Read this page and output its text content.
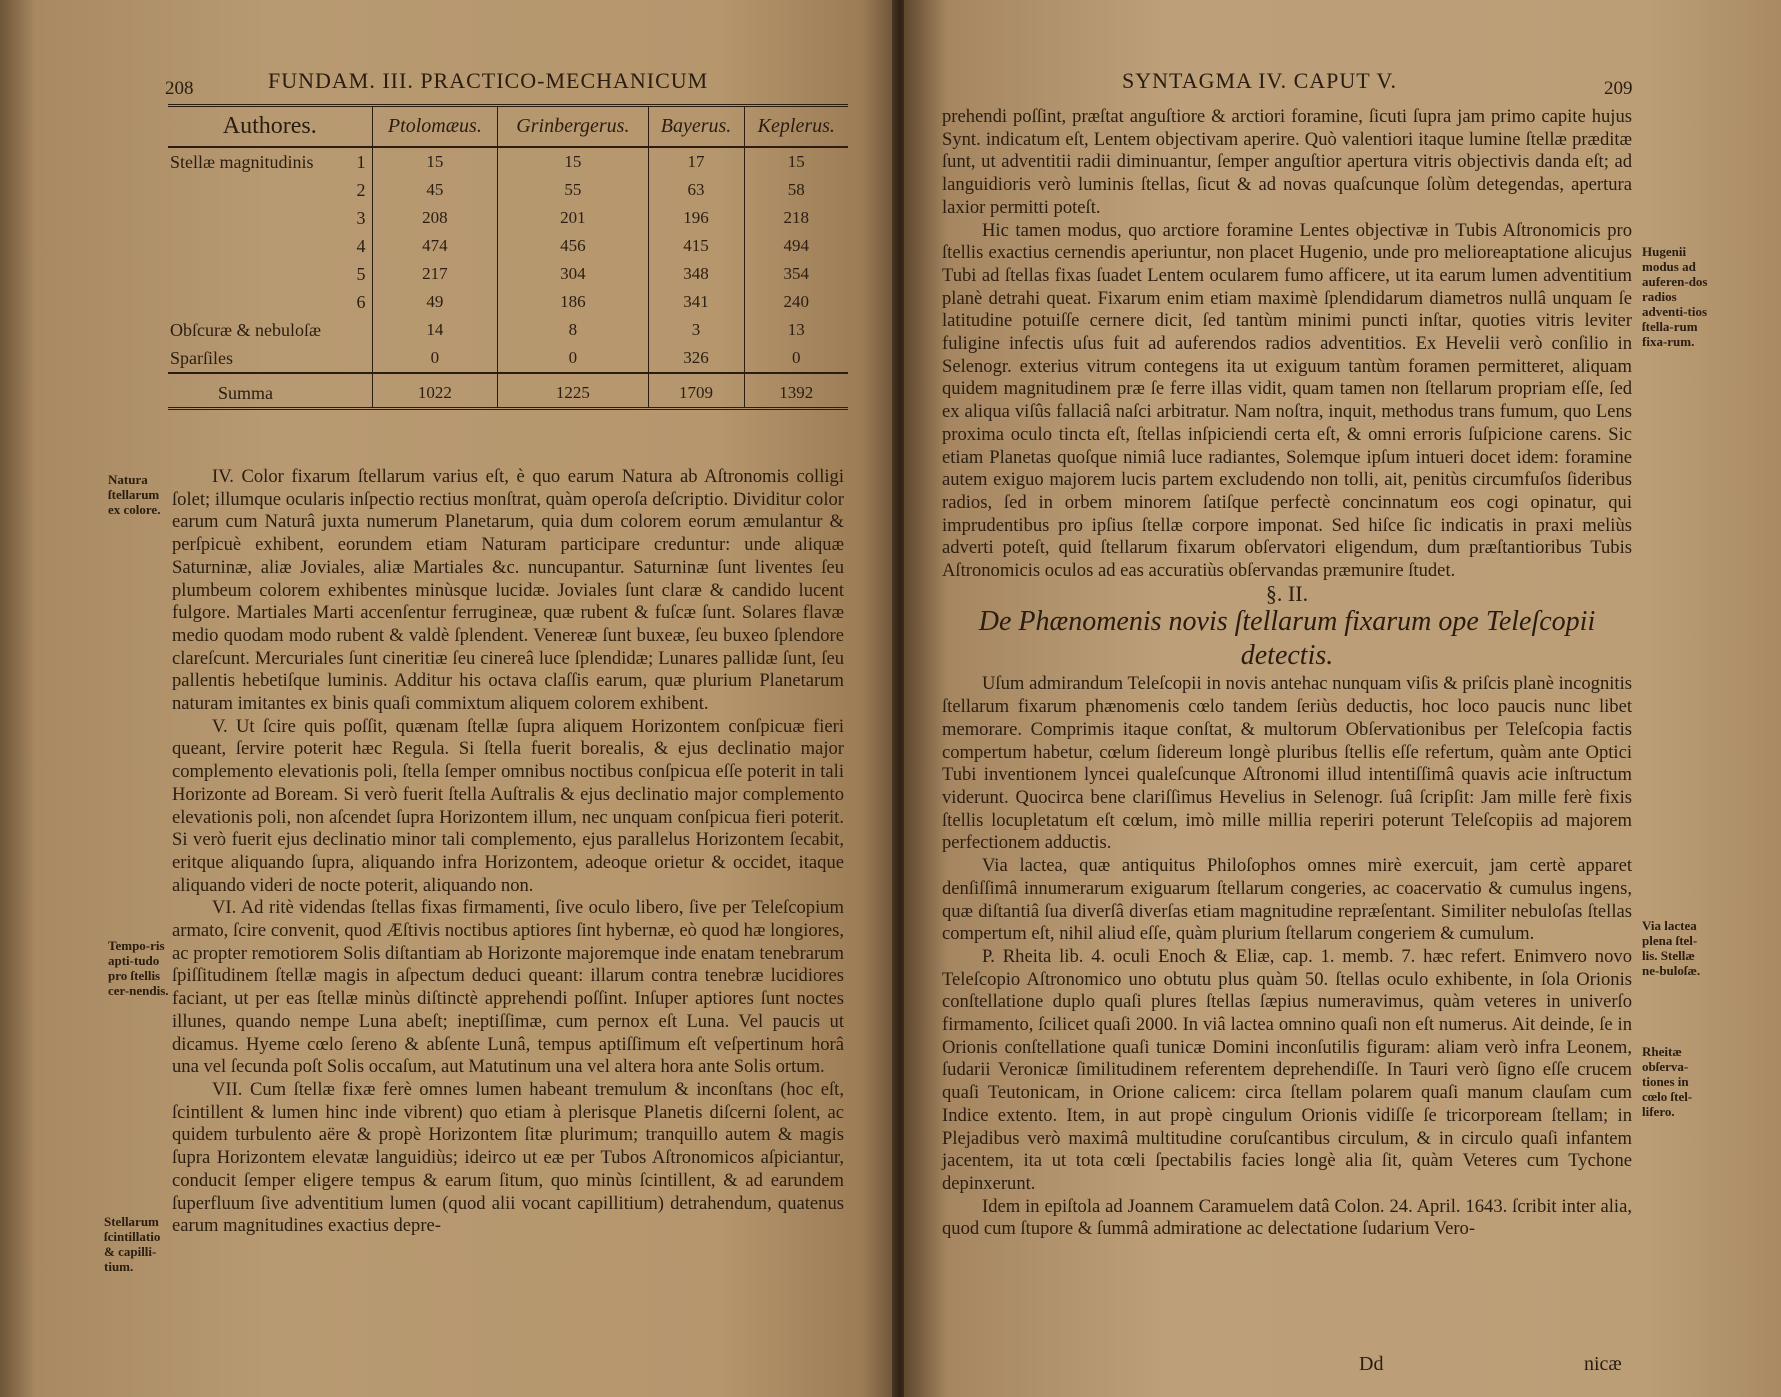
208	FUNDAM. III. PRACTICO-MECHANICUM
Authores.	Ptolomæus.	Grinbergerus.	Bayerus.	Keplerus.
Stellæ magnitudinis 1	15	15	17	15

2	45	55	63	58

3	208	201	196	218

4	474	456	415	494

5	217	304	348	354

6	49	186	341	240
Obſcuræ & nebuloſæ	14	8	3	13
Sparſiles	0	0	326	0
Summa	1022	1225	1709	1392
Natura ſtellarum ex colore.
Tempo-ris apti-tudo pro ſtellis cer-nendis.
Stellarum ſcintillatio & capilli-tium.

IV. Color fixarum ſtellarum varius eſt, è quo earum Natura ab Aſtronomis colligi ſolet; illumque ocularis inſpectio rectius monſtrat, quàm operoſa deſcriptio. Dividitur color earum cum Naturâ juxta numerum Planetarum, quia dum colorem eorum æmulantur & perſpicuè exhibent, eorundem etiam Naturam participare creduntur: unde aliquæ Saturninæ, aliæ Joviales, aliæ Martiales &c. nuncupantur. Saturninæ ſunt liventes ſeu plumbeum colorem exhibentes minùsque lucidæ. Joviales ſunt claræ & candido lucent fulgore. Martiales Marti accenſentur ferrugineæ, quæ rubent & fuſcæ ſunt. Solares flavæ medio quodam modo rubent & valdè ſplendent. Venereæ ſunt buxeæ, ſeu buxeo ſplendore clareſcunt. Mercuriales ſunt cineritiæ ſeu cinereâ luce ſplendidæ; Lunares pallidæ ſunt, ſeu pallentis hebetiſque luminis. Additur his octava claſſis earum, quæ plurium Planetarum naturam imitantes ex binis quaſi commixtum aliquem colorem exhibent.

V. Ut ſcire quis poſſit, quænam ſtellæ ſupra aliquem Horizontem conſpicuæ fieri queant, ſervire poterit hæc Regula. Si ſtella fuerit borealis, & ejus declinatio major complemento elevationis poli, ſtella ſemper omnibus noctibus conſpicua eſſe poterit in tali Horizonte ad Boream. Si verò fuerit ſtella Auſtralis & ejus declinatio major complemento elevationis poli, non aſcendet ſupra Horizontem illum, nec unquam conſpicua fieri poterit. Si verò fuerit ejus declinatio minor tali complemento, ejus parallelus Horizontem ſecabit, eritque aliquando ſupra, aliquando infra Horizontem, adeoque orietur & occidet, itaque aliquando videri de nocte poterit, aliquando non.

VI. Ad ritè videndas ſtellas fixas firmamenti, ſive oculo libero, ſive per Teleſcopium armato, ſcire convenit, quod Æſtivis noctibus aptiores ſint hybernæ, eò quod hæ longiores, ac propter remotiorem Solis diſtantiam ab Horizonte majoremque inde enatam tenebrarum ſpiſſitudinem ſtellæ magis in aſpectum deduci queant: illarum contra tenebræ lucidiores faciant, ut per eas ſtellæ minùs diſtinctè apprehendi poſſint. Inſuper aptiores ſunt noctes illunes, quando nempe Luna abeſt; ineptiſſimæ, cum pernox eſt Luna. Vel paucis ut dicamus. Hyeme cœlo ſereno & abſente Lunâ, tempus aptiſſimum eſt veſpertinum horâ una vel ſecunda poſt Solis occaſum, aut Matutinum una vel altera hora ante Solis ortum.

VII. Cum ſtellæ fixæ ferè omnes lumen habeant tremulum & inconſtans (hoc eſt, ſcintillent & lumen hinc inde vibrent) quo etiam à plerisque Planetis diſcerni ſolent, ac quidem turbulento aëre & propè Horizontem ſitæ plurimum; tranquillo autem & magis ſupra Horizontem elevatæ languidiùs; ideirco ut eæ per Tubos Aſtronomicos aſpiciantur, conducit ſemper eligere tempus & earum ſitum, quo minùs ſcintillent, & ad earundem ſuperfluum ſive adventitium lumen (quod alii vocant capillitium) detrahendum, quatenus earum magnitudines exactius depre-

SYNTAGMA IV. CAPUT V.	209
Hugenii modus ad auferen-dos radios adventi-tios ſtella-rum fixa-rum.
Via lactea plena ſtel-lis. Stellæ ne-buloſæ.
Rheitæ obſerva-tiones in cœlo ſtel-lifero.

prehendi poſſint, præſtat anguſtiore & arctiori foramine, ſicuti ſupra jam primo capite hujus Synt. indicatum eſt, Lentem objectivam aperire. Quò valentiori itaque lumine ſtellæ præditæ ſunt, ut adventitii radii diminuantur, ſemper anguſtior apertura vitris objectivis danda eſt; ad languidioris verò luminis ſtellas, ſicut & ad novas quaſcunque ſolùm detegendas, apertura laxior permitti poteſt.

Hic tamen modus, quo arctiore foramine Lentes objectivæ in Tubis Aſtronomicis pro ſtellis exactius cernendis aperiuntur, non placet Hugenio, unde pro melioreaptatione alicujus Tubi ad ſtellas fixas ſuadet Lentem ocularem fumo afficere, ut ita earum lumen adventitium planè detrahi queat. Fixarum enim etiam maximè ſplendidarum diametros nullâ unquam ſe latitudine potuiſſe cernere dicit, ſed tantùm minimi puncti inſtar, quoties vitris leviter fuligine infectis uſus fuit ad auferendos radios adventitios. Ex Hevelii verò conſilio in Selenogr. exterius vitrum contegens ita ut exiguum tantùm foramen permitteret, aliquam quidem magnitudinem præ ſe ferre illas vidit, quam tamen non ſtellarum propriam eſſe, ſed ex aliqua viſûs fallaciâ naſci arbitratur. Nam noſtra, inquit, methodus trans fumum, quo Lens proxima oculo tincta eſt, ſtellas inſpiciendi certa eſt, & omni erroris ſuſpicione carens. Sic etiam Planetas quoſque nimiâ luce radiantes, Solemque ipſum intueri docet idem: foramine autem exiguo majorem lucis partem excludendo non tolli, ait, penitùs circumfuſos ſideribus radios, ſed in orbem minorem ſatiſque perfectè concinnatum eos cogi opinatur, qui imprudentibus pro ipſius ſtellæ corpore imponat. Sed hiſce ſic indicatis in praxi meliùs adverti poteſt, quid ſtellarum fixarum obſervatori eligendum, dum præſtantioribus Tubis Aſtronomicis oculos ad eas accuratiùs obſervandas præmunire ſtudet.

§. II.
De Phænomenis novis ſtellarum fixarum ope Teleſcopii detectis.

Uſum admirandum Teleſcopii in novis antehac nunquam viſis & priſcis planè incognitis ſtellarum fixarum phænomenis cœlo tandem ſeriùs deductis, hoc loco paucis nunc libet memorare. Comprimis itaque conſtat, & multorum Obſervationibus per Teleſcopia factis compertum habetur, cœlum ſidereum longè pluribus ſtellis eſſe refertum, quàm ante Optici Tubi inventionem lyncei qualeſcunque Aſtronomi illud intentiſſimâ quavis acie inſtructum viderunt. Quocirca bene clariſſimus Hevelius in Selenogr. ſuâ ſcripſit: Jam mille ferè fixis ſtellis locupletatum eſt cœlum, imò mille millia reperiri poterunt Teleſcopiis ad majorem perfectionem adductis.

Via lactea, quæ antiquitus Philoſophos omnes mirè exercuit, jam certè apparet denſiſſimâ innumerarum exiguarum ſtellarum congeries, ac coacervatio & cumulus ingens, quæ diſtantiâ ſua diverſâ diverſas etiam magnitudine repræſentant. Similiter nebuloſas ſtellas compertum eſt, nihil aliud eſſe, quàm plurium ſtellarum congeriem & cumulum.

P. Rheita lib. 4. oculi Enoch & Eliæ, cap. 1. memb. 7. hæc refert. Enimvero novo Teleſcopio Aſtronomico uno obtutu plus quàm 50. ſtellas oculo exhibente, in ſola Orionis conſtellatione duplo quaſi plures ſtellas ſæpius numeravimus, quàm veteres in univerſo firmamento, ſcilicet quaſi 2000. In viâ lactea omnino quaſi non eſt numerus. Ait deinde, ſe in Orionis conſtellatione quaſi tunicæ Domini inconſutilis figuram: aliam verò infra Leonem, ſudarii Veronicæ ſimilitudinem referentem deprehendiſſe. In Tauri verò ſigno eſſe crucem quaſi Teutonicam, in Orione calicem: circa ſtellam polarem quaſi manum clauſam cum Indice extento. Item, in aut propè cingulum Orionis vidiſſe ſe tricorpoream ſtellam; in Plejadibus verò maximâ multitudine coruſcantibus circulum, & in circulo quaſi infantem jacentem, ita ut tota cœli ſpectabilis facies longè alia ſit, quàm Veteres cum Tychone depinxerunt.

Idem in epiſtola ad Joannem Caramuelem datâ Colon. 24. April. 1643. ſcribit inter alia, quod cum ſtupore & ſummâ admiratione ac delectatione ſudarium Vero-

Dd	nicæ
